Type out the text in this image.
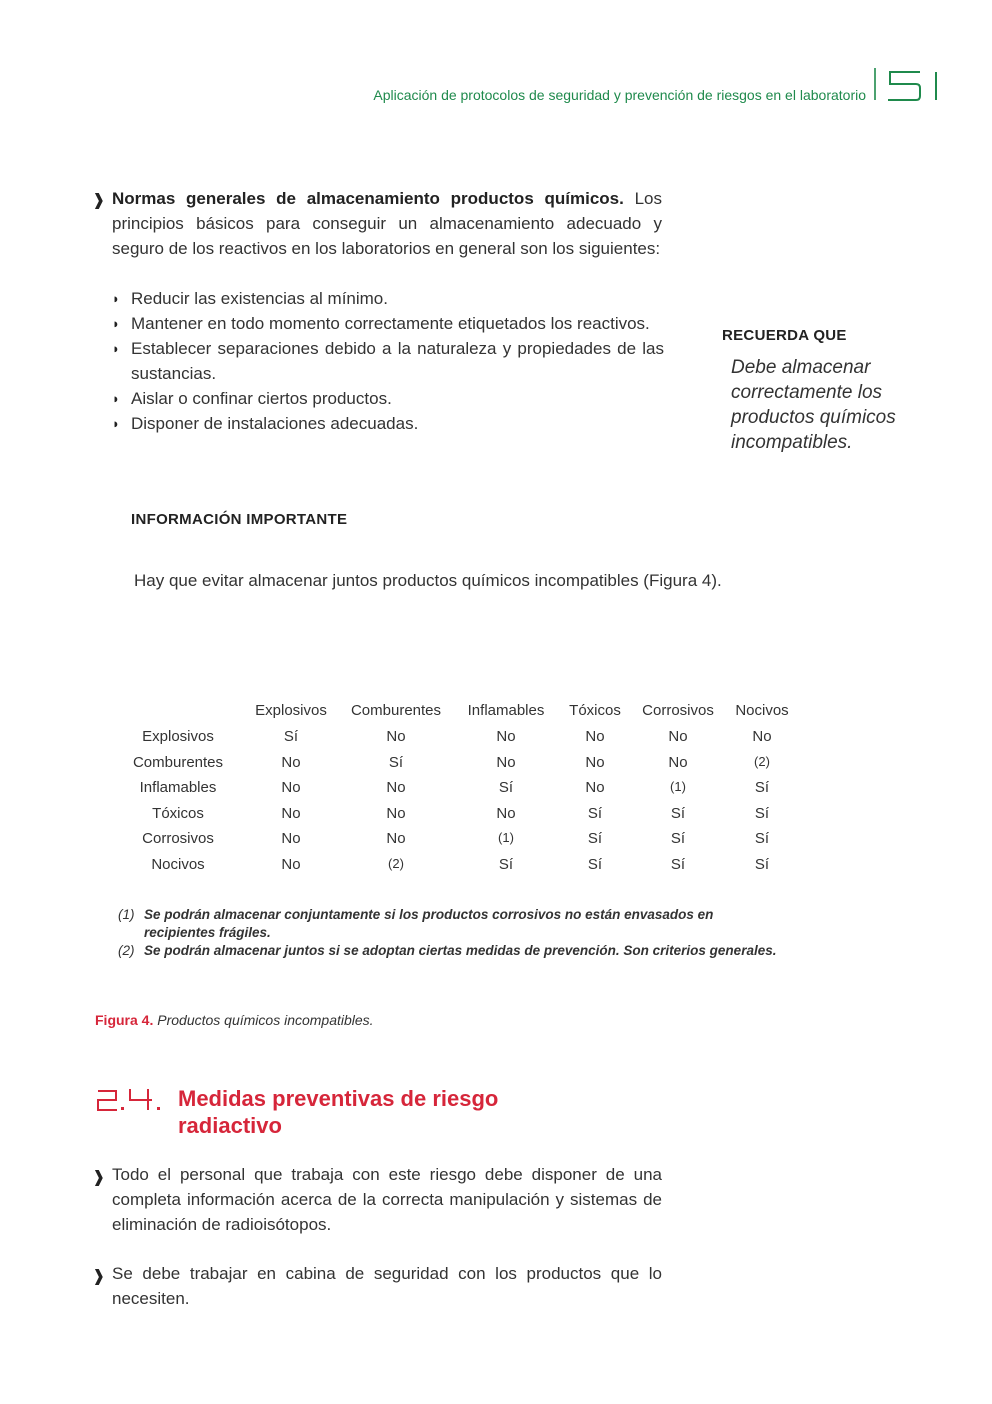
Aplicación de protocolos de seguridad y prevención de riesgos en el laboratorio
❱ Normas generales de almacenamiento productos químicos. Los principios básicos para conseguir un almacenamiento adecuado y seguro de los reactivos en los laboratorios en general son los siguientes:
◗ Reducir las existencias al mínimo.
◗ Mantener en todo momento correctamente etiquetados los reactivos.
◗ Establecer separaciones debido a la naturaleza y propiedades de las sustancias.
◗ Aislar o confinar ciertos productos.
◗ Disponer de instalaciones adecuadas.
RECUERDA QUE
Debe almacenar correctamente los productos químicos incompatibles.
INFORMACIÓN IMPORTANTE
Hay que evitar almacenar juntos productos químicos incompatibles (Figura 4).
Explosivos Comburentes Inflamables Tóxicos Corrosivos Nocivos
Explosivos	Sí	No	No	No	No	No
Comburentes	No	Sí	No	No	No	(2)
Inflamables	No	No	Sí	No	(1)	Sí
Tóxicos	No	No	No	Sí	Sí	Sí
Corrosivos	No	No	(1)	Sí	Sí	Sí
Nocivos	No	(2)	Sí	Sí	Sí	Sí
(1) Se podrán almacenar conjuntamente si los productos corrosivos no están envasados en recipientes frágiles.
(2) Se podrán almacenar juntos si se adoptan ciertas medidas de prevención. Son criterios generales.
Figura 4. Productos químicos incompatibles.
Medidas preventivas de riesgo radiactivo
❱ Todo el personal que trabaja con este riesgo debe disponer de una completa información acerca de la correcta manipulación y sistemas de eliminación de radioisótopos.
❱ Se debe trabajar en cabina de seguridad con los productos que lo necesiten.
